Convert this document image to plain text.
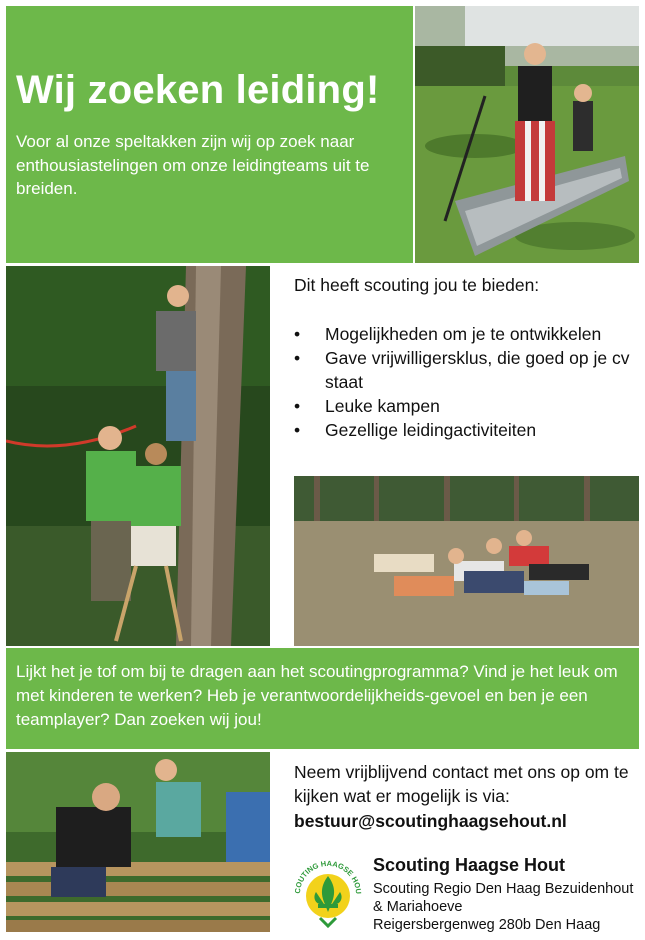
Wij zoeken leiding!

Voor al onze speltakken zijn wij op zoek naar enthousiastelingen om onze leidingteams uit te breiden.

Dit heeft scouting jou te bieden:

• Mogelijkheden om je te ontwikkelen
• Gave vrijwilligersklus, die goed op je cv staat
• Leuke kampen
• Gezellige leidingactiviteiten

Lijkt het je tof om bij te dragen aan het scoutingprogramma? Vind je het leuk om met kinderen te werken? Heb je verantwoordelijkheids-gevoel en ben je een teamplayer? Dan zoeken wij jou!

Neem vrijblijvend contact met ons op om te kijken wat er mogelijk is via:

bestuur@scoutinghaagsehout.nl

COUTING HAAGSE HOU

Scouting Haagse Hout

Scouting Regio Den Haag Bezuidenhout

& Mariahoeve

Reigersbergenweg 280b Den Haag
